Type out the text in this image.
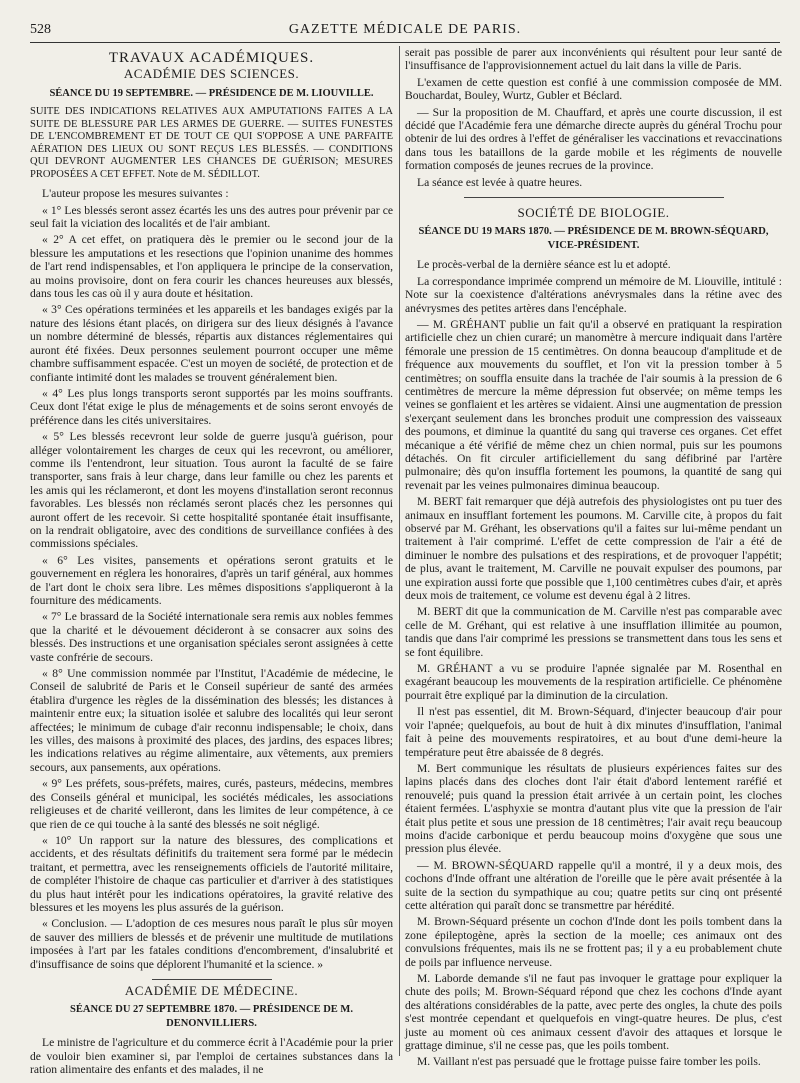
528	GAZETTE MÉDICALE DE PARIS.
TRAVAUX ACADÉMIQUES.
ACADÉMIE DES SCIENCES.
SÉANCE DU 19 SEPTEMBRE. — PRÉSIDENCE DE M. LIOUVILLE.

SUITE DES INDICATIONS RELATIVES AUX AMPUTATIONS FAITES A LA SUITE DE BLESSURE PAR LES ARMES DE GUERRE. — SUITES FUNESTES DE L'ENCOMBREMENT ET DE TOUT CE QUI S'OPPOSE A UNE PARFAITE AÉRATION DES LIEUX OU SONT REÇUS LES BLESSÉS. — CONDITIONS QUI DEVRONT AUGMENTER LES CHANCES DE GUÉRISON; MESURES PROPOSÉES A CET EFFET. Note de M. SÉDILLOT.

L'auteur propose les mesures suivantes :

« 1° Les blessés seront assez écartés les uns des autres pour prévenir par ce seul fait la viciation des localités et de l'air ambiant.

« 2° A cet effet, on pratiquera dès le premier ou le second jour de la blessure les amputations et les resections que l'opinion unanime des hommes de l'art rend indispensables, et l'on appliquera le principe de la conservation, au moins provisoire, dont on fera courir les chances heureuses aux blessés, dans tous les cas où il y aura doute et hésitation.

« 3° Ces opérations terminées et les appareils et les bandages exigés par la nature des lésions étant placés, on dirigera sur des lieux désignés à l'avance un nombre déterminé de blessés, répartis aux distances réglementaires qui auront été fixées. Deux personnes seulement pourront occuper une même chambre suffisamment espacée. C'est un moyen de société, de protection et de confiante intimité dont les malades se trouvent généralement bien.

« 4° Les plus longs transports seront supportés par les moins souffrants. Ceux dont l'état exige le plus de ménagements et de soins seront envoyés de préférence dans les cités universitaires.

« 5° Les blessés recevront leur solde de guerre jusqu'à guérison, pour alléger volontairement les charges de ceux qui les recevront, ou améliorer, comme ils l'entendront, leur situation. Tous auront la faculté de se faire transporter, sans frais à leur charge, dans leur famille ou chez les parents et les amis qui les réclameront, et dont les moyens d'installation seront reconnus favorables. Les blessés non réclamés seront placés chez les personnes qui auront offert de les recevoir. Si cette hospitalité spontanée était insuffisante, on la rendrait obligatoire, avec des conditions de surveillance confiées à des commissions spéciales.

« 6° Les visites, pansements et opérations seront gratuits et le gouvernement en réglera les honoraires, d'après un tarif général, aux hommes de l'art dont le choix sera libre. Les mêmes dispositions s'appliqueront à la fourniture des médicaments.

« 7° Le brassard de la Société internationale sera remis aux nobles femmes que la charité et le dévouement décideront à se consacrer aux soins des blessés. Des instructions et une organisation spéciales seront assignées à cette vaste confrérie de secours.

« 8° Une commission nommée par l'Institut, l'Académie de médecine, le Conseil de salubrité de Paris et le Conseil supérieur de santé des armées établira d'urgence les règles de la dissémination des blessés; les distances à maintenir entre eux; la situation isolée et salubre des localités qui leur seront affectées; le minimum de cubage d'air reconnu indispensable; le choix, dans les villes, des maisons à proximité des places, des jardins, des espaces libres; les indications relatives au régime alimentaire, aux vêtements, aux premiers secours, aux pansements, aux opérations.

« 9° Les préfets, sous-préfets, maires, curés, pasteurs, médecins, membres des Conseils général et municipal, les sociétés médicales, les associations religieuses et de charité veilleront, dans les limites de leur compétence, à ce que rien de ce qui touche à la santé des blessés ne soit négligé.

« 10° Un rapport sur la nature des blessures, des complications et accidents, et des résultats définitifs du traitement sera formé par le médecin traitant, et permettra, avec les renseignements officiels de l'autorité militaire, de compléter l'histoire de chaque cas particulier et d'arriver à des statistiques du plus haut intérêt pour les indications opératoires, la gravité relative des blessures et les moyens les plus assurés de la guérison.

« Conclusion. — L'adoption de ces mesures nous paraît le plus sûr moyen de sauver des milliers de blessés et de prévenir une multitude de mutilations imposées à l'art par les fatales conditions d'encombrement, d'insalubrité et d'insuffisance de soins que déplorent l'humanité et la science. »

ACADÉMIE DE MÉDECINE.
SÉANCE DU 27 SEPTEMBRE 1870. — PRÉSIDENCE DE M. DENONVILLIERS.

Le ministre de l'agriculture et du commerce écrit à l'Académie pour la prier de vouloir bien examiner si, par l'emploi de certaines substances dans la ration alimentaire des enfants et des malades, il ne

serait pas possible de parer aux inconvénients qui résultent pour leur santé de l'insuffisance de l'approvisionnement actuel du lait dans la ville de Paris.

L'examen de cette question est confié à une commission composée de MM. Bouchardat, Bouley, Wurtz, Gubler et Béclard.

— Sur la proposition de M. Chauffard, et après une courte discussion, il est décidé que l'Académie fera une démarche directe auprès du général Trochu pour obtenir de lui des ordres à l'effet de généraliser les vaccinations et revaccinations dans tous les bataillons de la garde mobile et les régiments de nouvelle formation composés de jeunes recrues de la province.

La séance est levée à quatre heures.

SOCIÉTÉ DE BIOLOGIE.
SÉANCE DU 19 MARS 1870. — PRÉSIDENCE DE M. BROWN-SÉQUARD, VICE-PRÉSIDENT.

Le procès-verbal de la dernière séance est lu et adopté.

La correspondance imprimée comprend un mémoire de M. Liouville, intitulé : Note sur la coexistence d'altérations anévrysmales dans la rétine avec des anévrysmes des petites artères dans l'encéphale.

— M. GRÉHANT publie un fait qu'il a observé en pratiquant la respiration artificielle chez un chien curaré; un manomètre à mercure indiquait dans l'artère fémorale une pression de 15 centimètres. On donna beaucoup d'amplitude et de fréquence aux mouvements du soufflet, et l'on vit la pression tomber à 5 centimètres; on souffla ensuite dans la trachée de l'air soumis à la pression de 6 centimètres de mercure la même dépression fut observée; on même temps les veines se gonflaient et les artères se vidaient. Ainsi une augmentation de pression s'exerçant seulement dans les bronches produit une compression des vaisseaux des poumons, et diminue la quantité du sang qui traverse ces organes. Cet effet mécanique a été vérifié de même chez un chien normal, puis sur les poumons détachés. On fit circuler artificiellement du sang défibriné par l'artère pulmonaire; dès qu'on insuffla fortement les poumons, la quantité de sang qui revenait par les veines pulmonaires diminua beaucoup.

M. BERT fait remarquer que déjà autrefois des physiologistes ont pu tuer des animaux en insufflant fortement les poumons. M. Carville cite, à propos du fait observé par M. Gréhant, les observations qu'il a faites sur lui-même pendant un traitement à l'air comprimé. L'effet de cette compression de l'air a été de diminuer le nombre des pulsations et des respirations, et de provoquer l'appétit; de plus, avant le traitement, M. Carville ne pouvait expulser des poumons, par une expiration aussi forte que possible que 1,100 centimètres cubes d'air, et après deux mois de traitement, ce volume est devenu égal à 2 litres.

M. BERT dit que la communication de M. Carville n'est pas comparable avec celle de M. Gréhant, qui est relative à une insufflation illimitée au poumon, tandis que dans l'air comprimé les pressions se transmettent dans tous les sens et se font équilibre.

M. GRÉHANT a vu se produire l'apnée signalée par M. Rosenthal en exagérant beaucoup les mouvements de la respiration artificielle. Ce phénomène pourrait être expliqué par la diminution de la circulation.

Il n'est pas essentiel, dit M. Brown-Séquard, d'injecter beaucoup d'air pour voir l'apnée; quelquefois, au bout de huit à dix minutes d'insufflation, l'animal fait à peine des mouvements respiratoires, et au bout d'une demi-heure la température peut être abaissée de 8 degrés.

M. Bert communique les résultats de plusieurs expériences faites sur des lapins placés dans des cloches dont l'air était d'abord lentement raréfié et renouvelé; puis quand la pression était arrivée à un certain point, les cloches étaient fermées. L'asphyxie se montra d'autant plus vite que la pression de l'air était plus petite et sous une pression de 18 centimètres; l'air avait reçu beaucoup moins d'acide carbonique et perdu beaucoup moins d'oxygène que sous une pression plus élevée.

— M. BROWN-SÉQUARD rappelle qu'il a montré, il y a deux mois, des cochons d'Inde offrant une altération de l'oreille que le père avait présentée à la suite de la section du sympathique au cou; quatre petits sur cinq ont présenté cette altération qui paraît donc se transmettre par hérédité.

M. Brown-Séquard présente un cochon d'Inde dont les poils tombent dans la zone épileptogène, après la section de la moelle; ces animaux ont des convulsions fréquentes, mais ils ne se frottent pas; il y a eu probablement chute de poils par influence nerveuse.

M. Laborde demande s'il ne faut pas invoquer le grattage pour expliquer la chute des poils; M. Brown-Séquard répond que chez les cochons d'Inde ayant des altérations considérables de la patte, avec perte des ongles, la chute des poils s'est montrée cependant et quelquefois en vingt-quatre heures. De plus, c'est juste au moment où ces animaux cessent d'avoir des attaques et lorsque le grattage diminue, s'il ne cesse pas, que les poils tombent.

M. Vaillant n'est pas persuadé que le frottage puisse faire tomber les poils.
